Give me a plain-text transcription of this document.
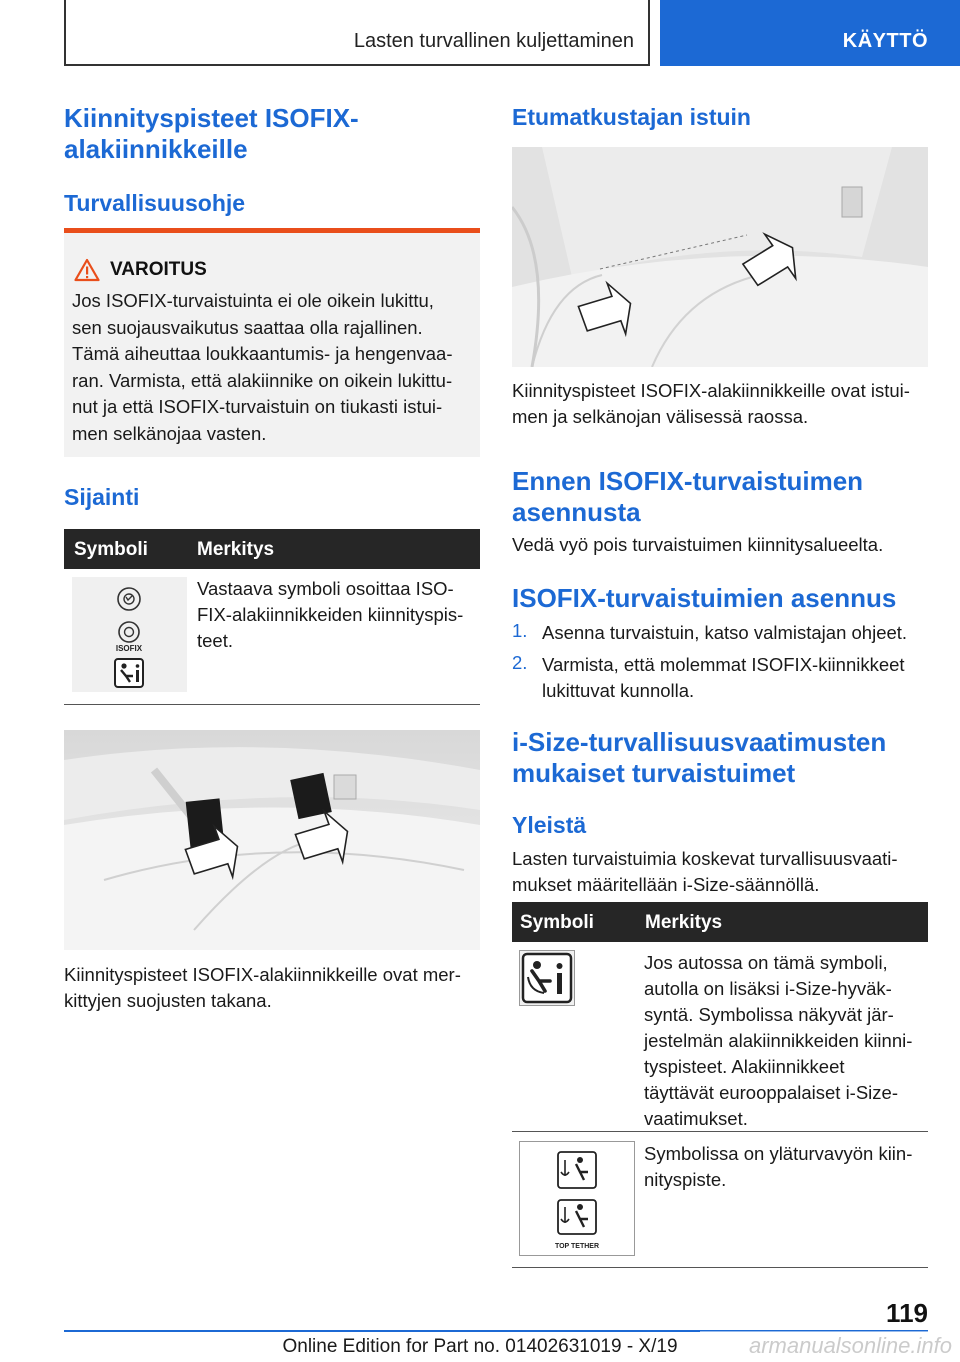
Lasten turvallinen kuljettaminen	KÄYTTÖ
Kiinnityspisteet ISOFIX-
alakiinnikkeille
Turvallisuusohje
VAROITUS
Jos ISOFIX-turvaistuinta ei ole oikein lukittu,
sen suojausvaikutus saattaa olla rajallinen.
Tämä aiheuttaa loukkaantumis- ja hengenvaa-
ran. Varmista, että alakiinnike on oikein lukittu-
nut ja että ISOFIX-turvaistuin on tiukasti istui-
men selkänojaa vasten.
Sijainti
Symboli	Merkitys
ISOFIX
Vastaava symboli osoittaa ISO-
FIX-alakiinnikkeiden kiinnityspis-
teet.
Kiinnityspisteet ISOFIX-alakiinnikkeille ovat mer-
kittyjen suojusten takana.
Etumatkustajan istuin
Kiinnityspisteet ISOFIX-alakiinnikkeille ovat istui-
men ja selkänojan välisessä raossa.
Ennen ISOFIX-turvaistuimen
asennusta
Vedä vyö pois turvaistuimen kiinnitysalueelta.
ISOFIX-turvaistuimien asennus
1. Asenna turvaistuin, katso valmistajan ohjeet.
2. Varmista, että molemmat ISOFIX-kiinnikkeet
lukittuvat kunnolla.
i-Size-turvallisuusvaatimusten
mukaiset turvaistuimet
Yleistä
Lasten turvaistuimia koskevat turvallisuusvaati-
mukset määritellään i-Size-säännöllä.
Symboli	Merkitys
Jos autossa on tämä symboli,
autolla on lisäksi i-Size-hyväk-
syntä. Symbolissa näkyvät jär-
jestelmän alakiinnikkeiden kiinni-
tyspisteet. Alakiinnikkeet
täyttävät eurooppalaiset i-Size-
vaatimukset.
TOP TETHER
Symbolissa on yläturvavyön kiin-
nityspiste.
119
Online Edition for Part no. 01402631019 - X/19	armanualsonline.info
